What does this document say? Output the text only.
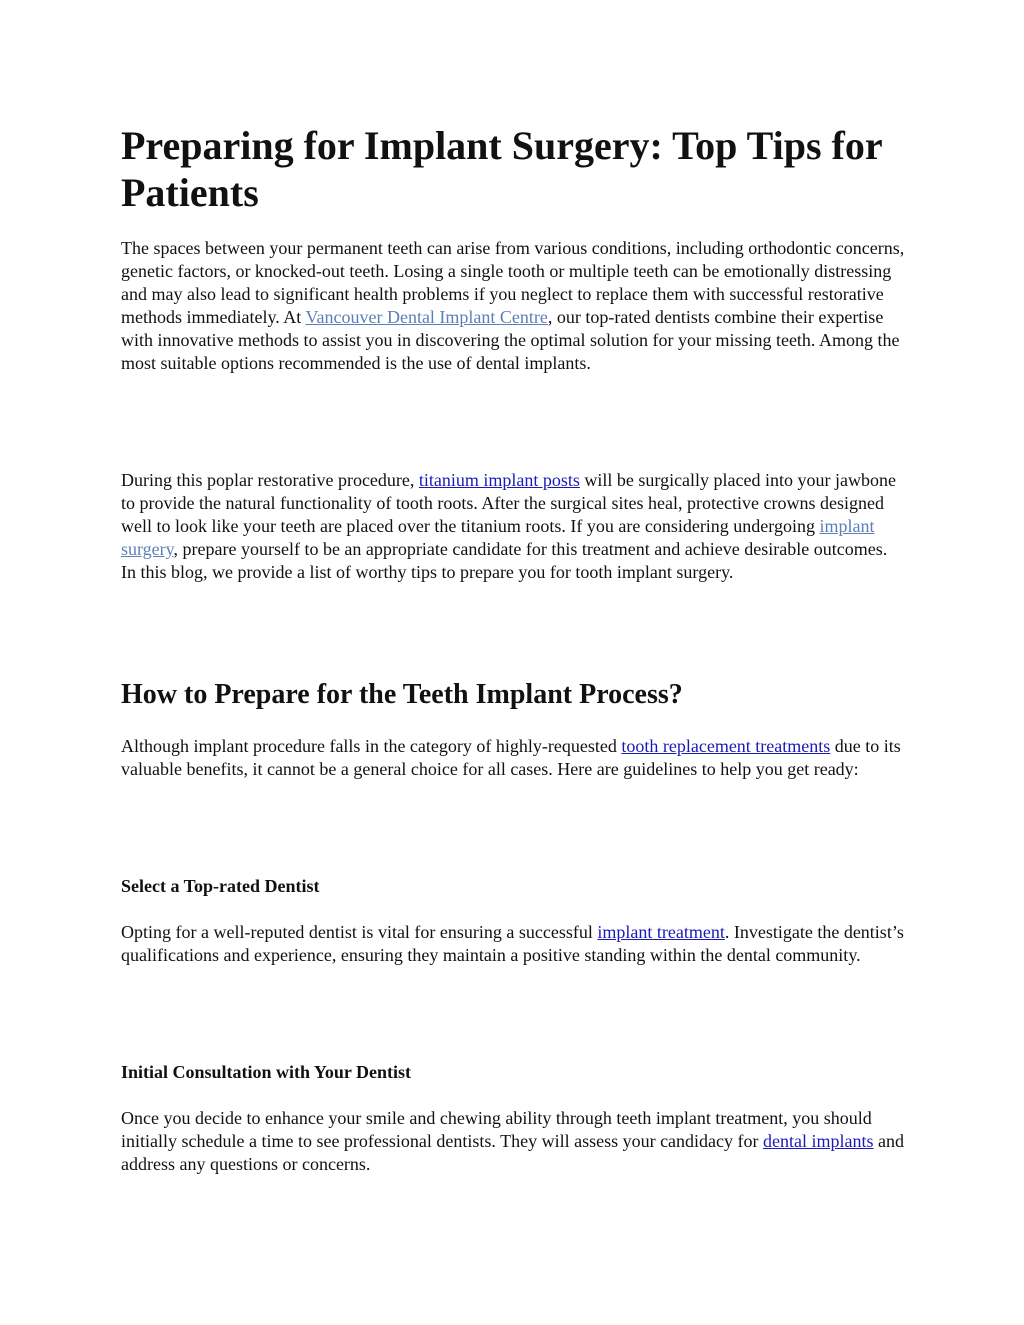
Preparing for Implant Surgery: Top Tips for Patients

The spaces between your permanent teeth can arise from various conditions, including orthodontic concerns, genetic factors, or knocked-out teeth. Losing a single tooth or multiple teeth can be emotionally distressing and may also lead to significant health problems if you neglect to replace them with successful restorative methods immediately. At Vancouver Dental Implant Centre, our top-rated dentists combine their expertise with innovative methods to assist you in discovering the optimal solution for your missing teeth. Among the most suitable options recommended is the use of dental implants.

During this poplar restorative procedure, titanium implant posts will be surgically placed into your jawbone to provide the natural functionality of tooth roots. After the surgical sites heal, protective crowns designed well to look like your teeth are placed over the titanium roots. If you are considering undergoing implant surgery, prepare yourself to be an appropriate candidate for this treatment and achieve desirable outcomes. In this blog, we provide a list of worthy tips to prepare you for tooth implant surgery.

How to Prepare for the Teeth Implant Process?

Although implant procedure falls in the category of highly-requested tooth replacement treatments due to its valuable benefits, it cannot be a general choice for all cases. Here are guidelines to help you get ready:

Select a Top-rated Dentist

Opting for a well-reputed dentist is vital for ensuring a successful implant treatment. Investigate the dentist’s qualifications and experience, ensuring they maintain a positive standing within the dental community.

Initial Consultation with Your Dentist

Once you decide to enhance your smile and chewing ability through teeth implant treatment, you should initially schedule a time to see professional dentists. They will assess your candidacy for dental implants and address any questions or concerns.
